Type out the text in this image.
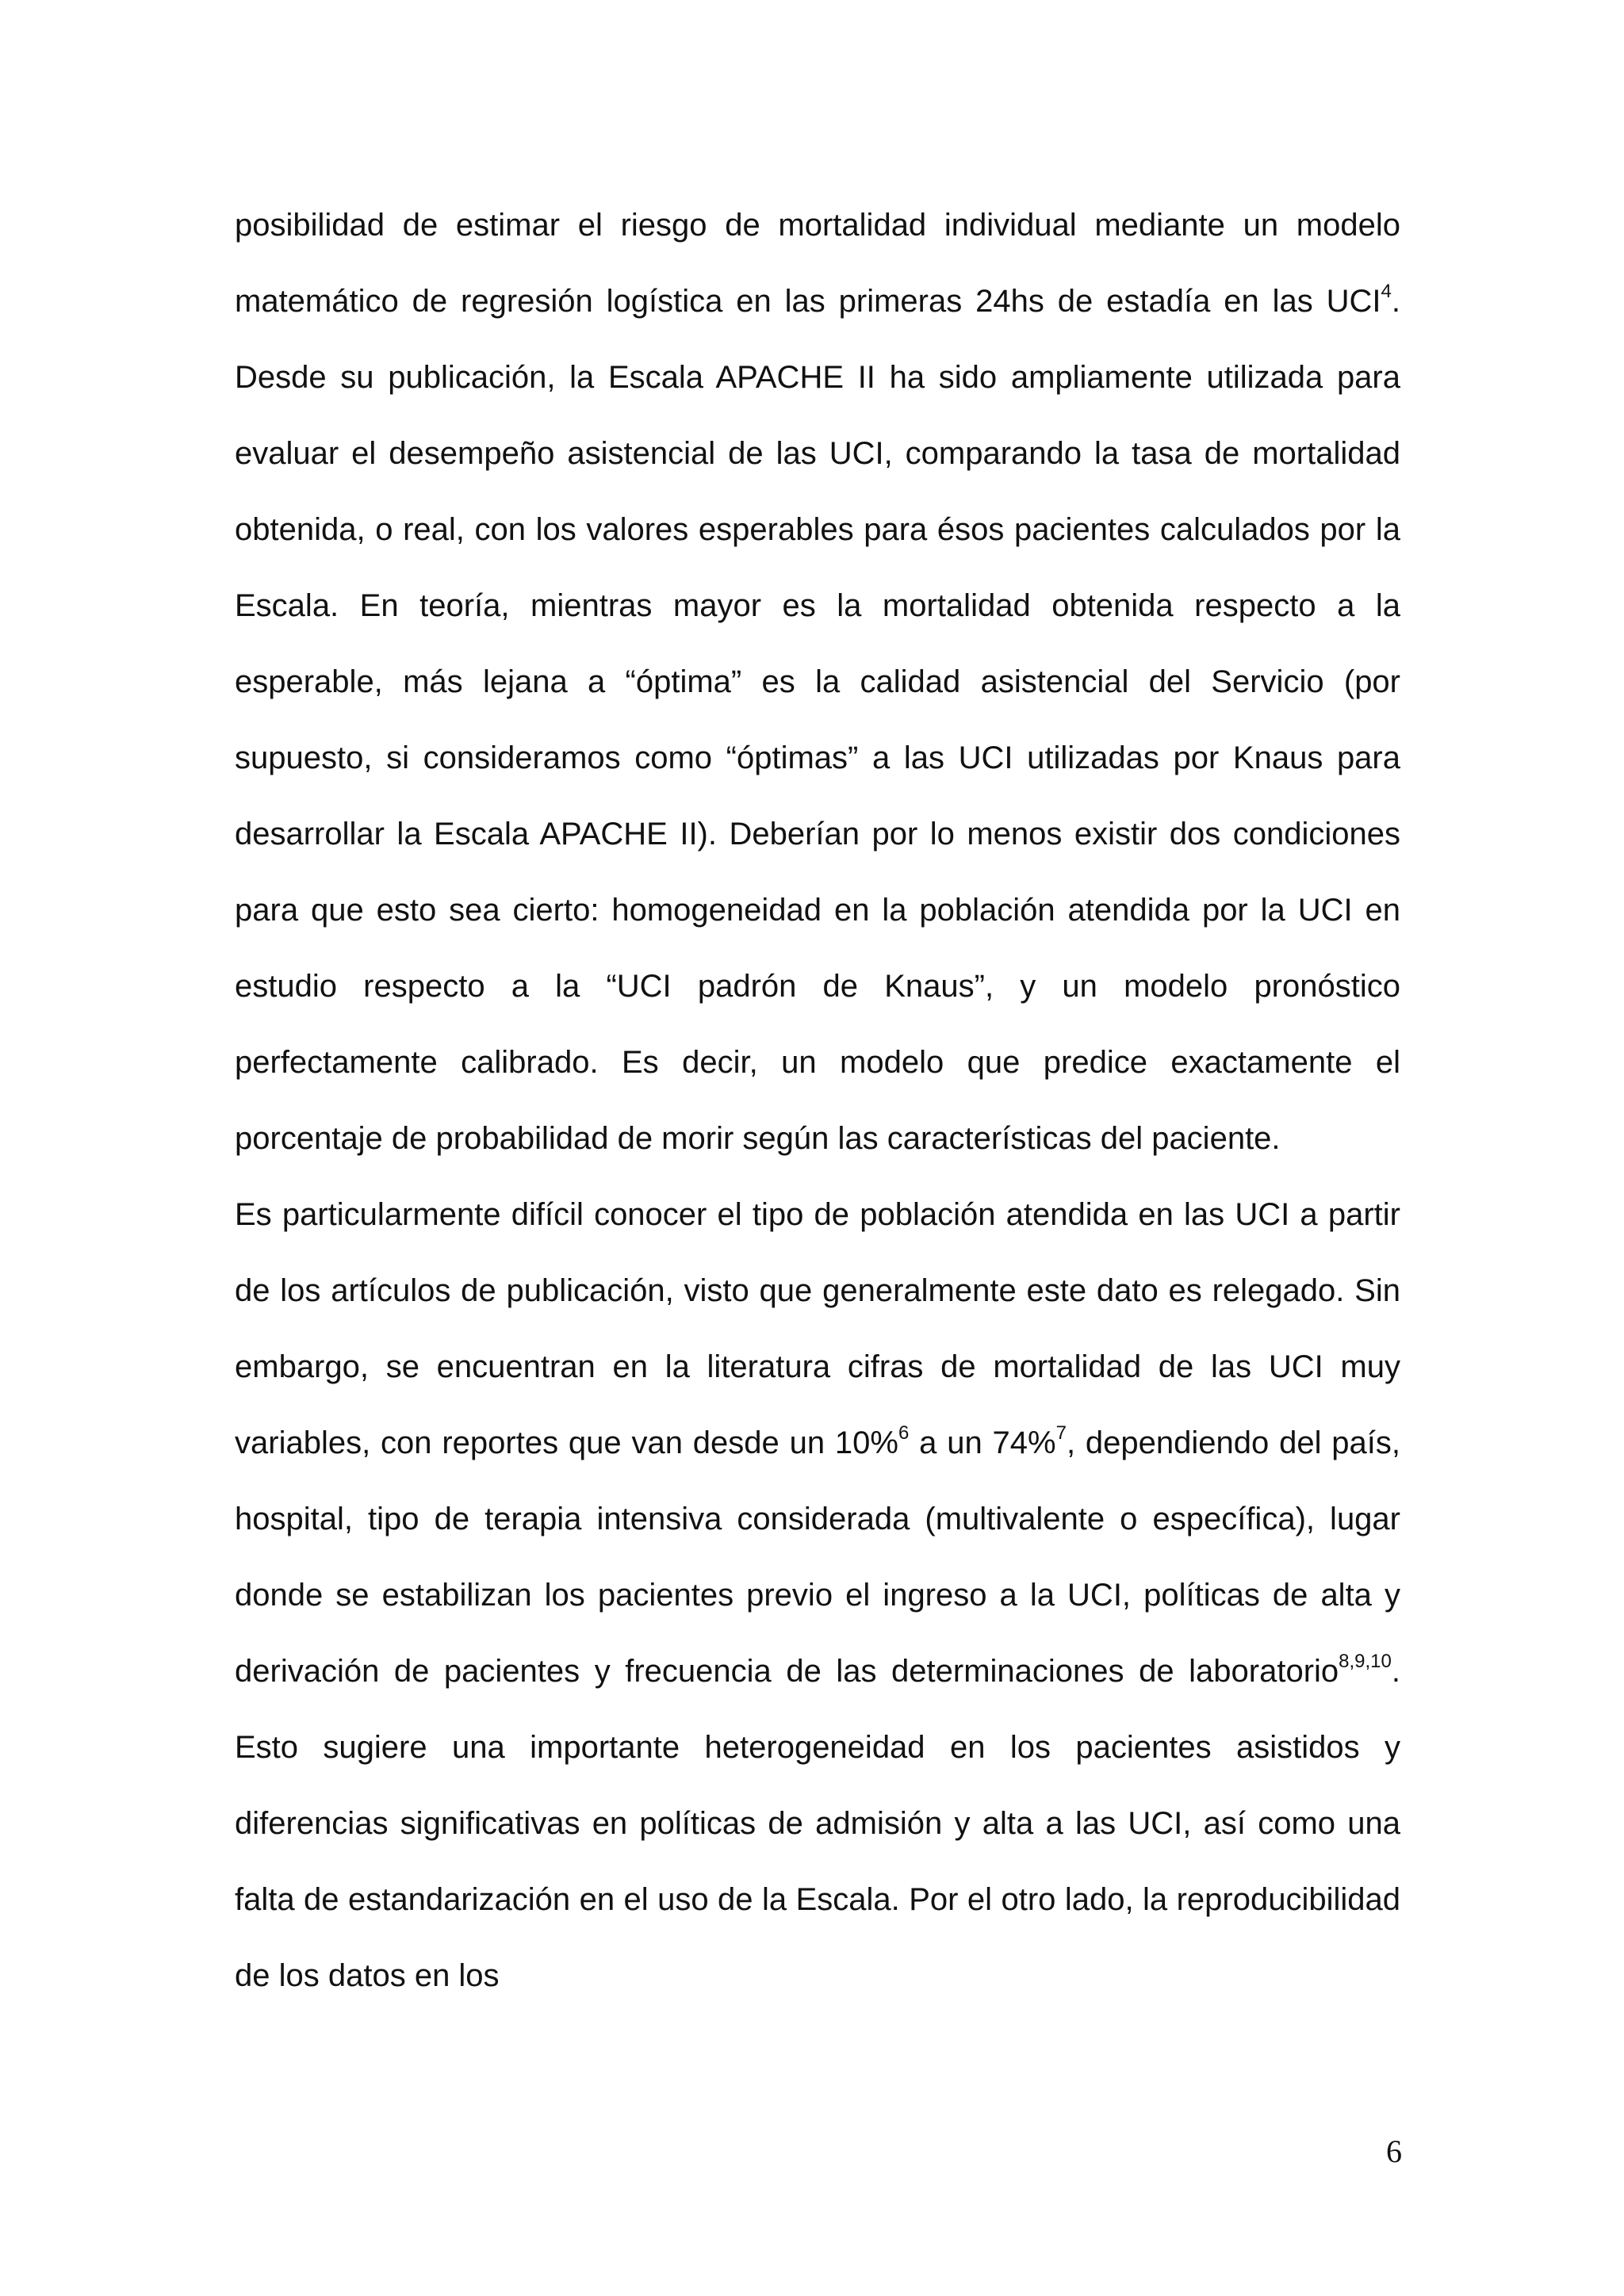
posibilidad de estimar el riesgo de mortalidad individual mediante un modelo matemático de regresión logística en las primeras 24hs de estadía en las UCI$^4$. Desde su publicación, la Escala APACHE II ha sido ampliamente utilizada para evaluar el desempeño asistencial de las UCI, comparando la tasa de mortalidad obtenida, o real, con los valores esperables para ésos pacientes calculados por la Escala. En teoría, mientras mayor es la mortalidad obtenida respecto a la esperable, más lejana a “óptima” es la calidad asistencial del Servicio (por supuesto, si consideramos como “óptimas” a las UCI utilizadas por Knaus para desarrollar la Escala APACHE II). Deberían por lo menos existir dos condiciones para que esto sea cierto: homogeneidad en la población atendida por la UCI en estudio respecto a la “UCI padrón de Knaus”, y un modelo pronóstico perfectamente calibrado. Es decir, un modelo que predice exactamente el porcentaje de probabilidad de morir según las características del paciente.

Es particularmente difícil conocer el tipo de población atendida en las UCI a partir de los artículos de publicación, visto que generalmente este dato es relegado. Sin embargo, se encuentran en la literatura cifras de mortalidad de las UCI muy variables, con reportes que van desde un 10%$^6$ a un 74%$^7$, dependiendo del país, hospital, tipo de terapia intensiva considerada (multivalente o específica), lugar donde se estabilizan los pacientes previo el ingreso a la UCI, políticas de alta y derivación de pacientes y frecuencia de las determinaciones de laboratorio$^{8,9,10}$. Esto sugiere una importante heterogeneidad en los pacientes asistidos y diferencias significativas en políticas de admisión y alta a las UCI, así como una falta de estandarización en el uso de la Escala. Por el otro lado, la reproducibilidad de los datos en los

6
